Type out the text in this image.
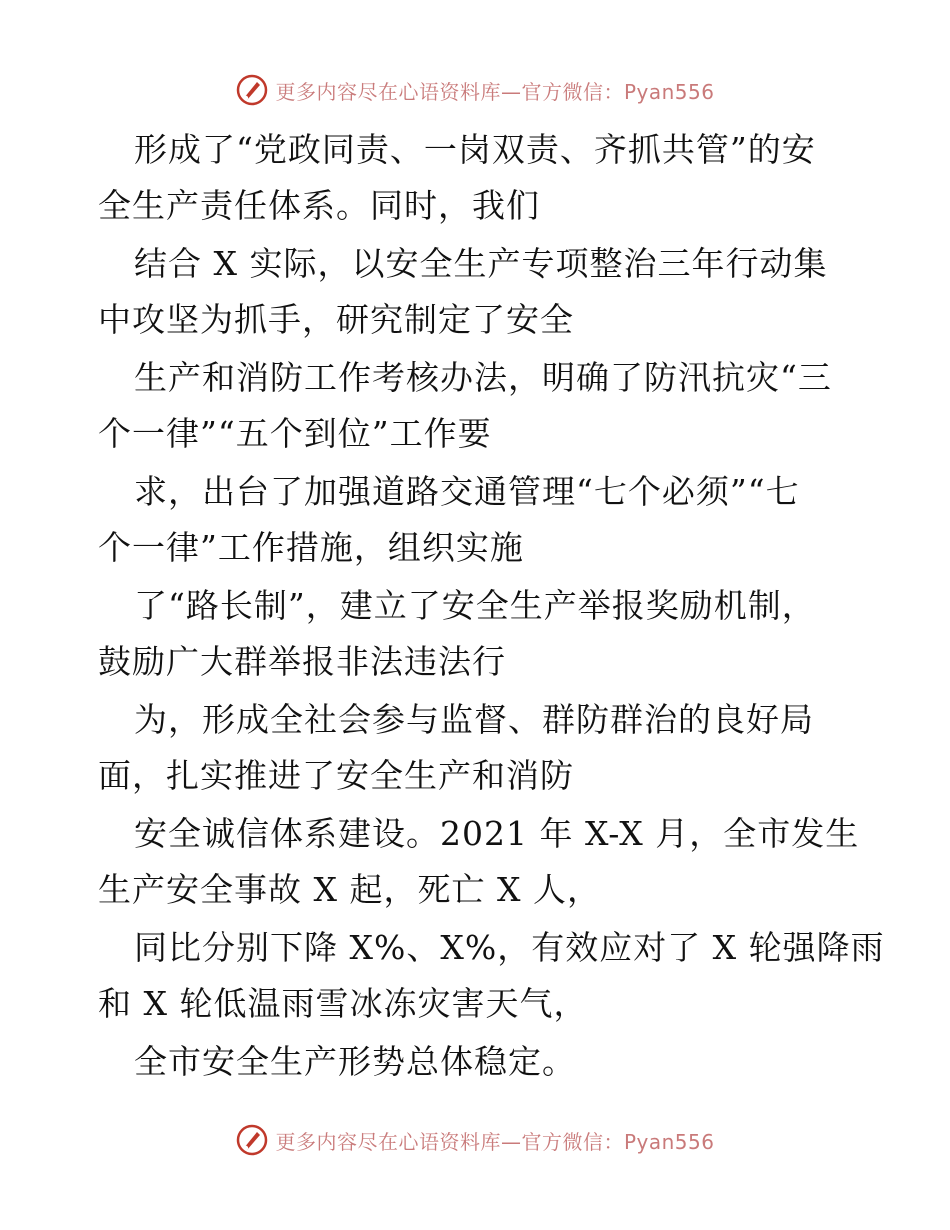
更多内容尽在心语资料库—官方微信：Pyan556
形成了“党政同责、一岗双责、齐抓共管”的安
全生产责任体系。同时，我们
结合 X 实际，以安全生产专项整治三年行动集
中攻坚为抓手，研究制定了安全
生产和消防工作考核办法，明确了防汛抗灾“三
个一律”“五个到位”工作要
求，出台了加强道路交通管理“七个必须”“七
个一律”工作措施，组织实施
了“路长制”，建立了安全生产举报奖励机制，
鼓励广大群举报非法违法行
为，形成全社会参与监督、群防群治的良好局
面，扎实推进了安全生产和消防
安全诚信体系建设。2021 年 X-X 月，全市发生
生产安全事故 X 起，死亡 X 人，
同比分别下降 X%、X%，有效应对了 X 轮强降雨
和 X 轮低温雨雪冰冻灾害天气，
全市安全生产形势总体稳定。
更多内容尽在心语资料库—官方微信：Pyan556
